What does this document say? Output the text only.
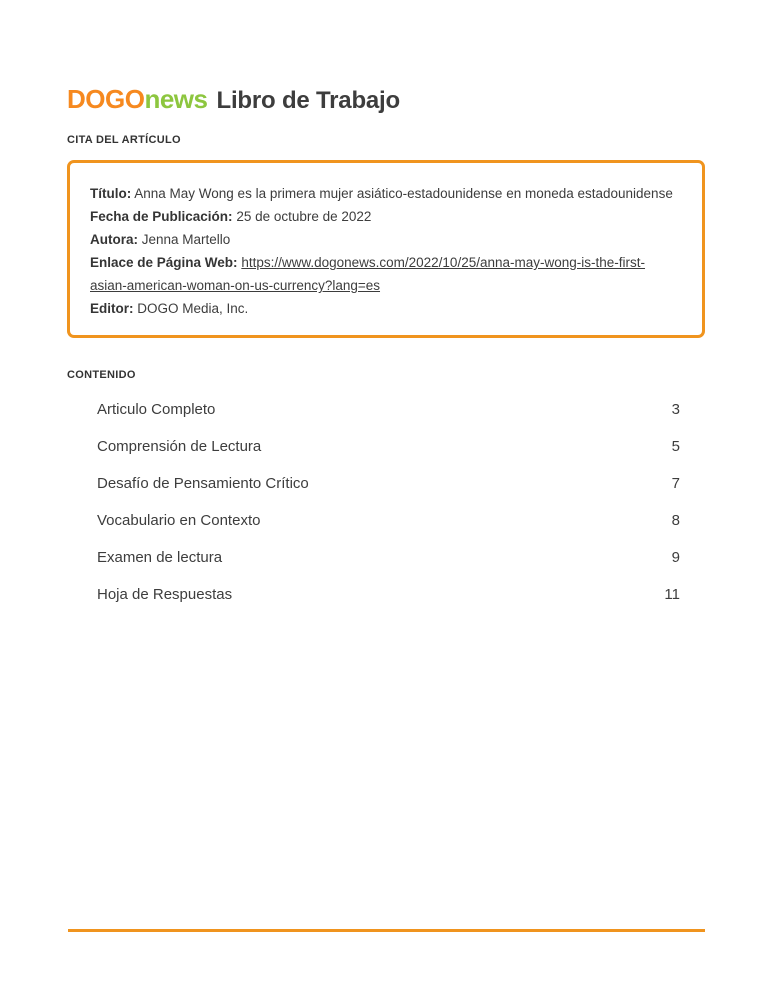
DOGOnews Libro de Trabajo
CITA DEL ARTÍCULO

Título: Anna May Wong es la primera mujer asiático-estadounidense en moneda estadounidense

Fecha de Publicación: 25 de octubre de 2022

Autora: Jenna Martello

Enlace de Página Web: https://www.dogonews.com/2022/10/25/anna-may-wong-is-the-first-asian-american-woman-on-us-currency?lang=es

Editor: DOGO Media, Inc.

CONTENIDO
Articulo Completo	3
Comprensión de Lectura	5
Desafío de Pensamiento Crítico	7
Vocabulario en Contexto	8
Examen de lectura	9
Hoja de Respuestas	11
